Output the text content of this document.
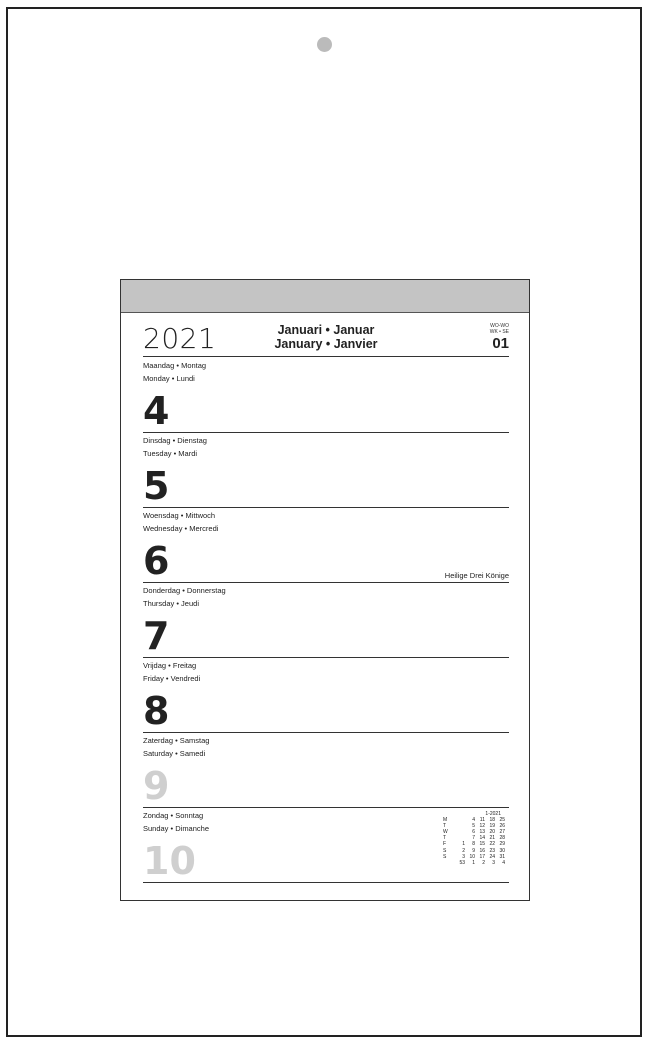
2021	Januari • Januar
January • Janvier
WO-WO
WK • SE
01
Maandag • Montag
Monday • Lundi
4
Dinsdag • Dienstag
Tuesday • Mardi
5
Woensdag • Mittwoch
Wednesday • Mercredi
6	Heilige Drei Könige
Donderdag • Donnerstag
Thursday • Jeudi
7
Vrijdag • Freitag
Friday • Vendredi
8
Zaterdag • Samstag
Saturday • Samedi
9
Zondag • Sonntag
Sunday • Dimanche
10
1-2021
M		4	11	18	25
T		5	12	19	26
W		6	13	20	27
T		7	14	21	28
F	1	8	15	22	29
S	2	9	16	23	30
S	3	10	17	24	31
	53	1	2	3	4
